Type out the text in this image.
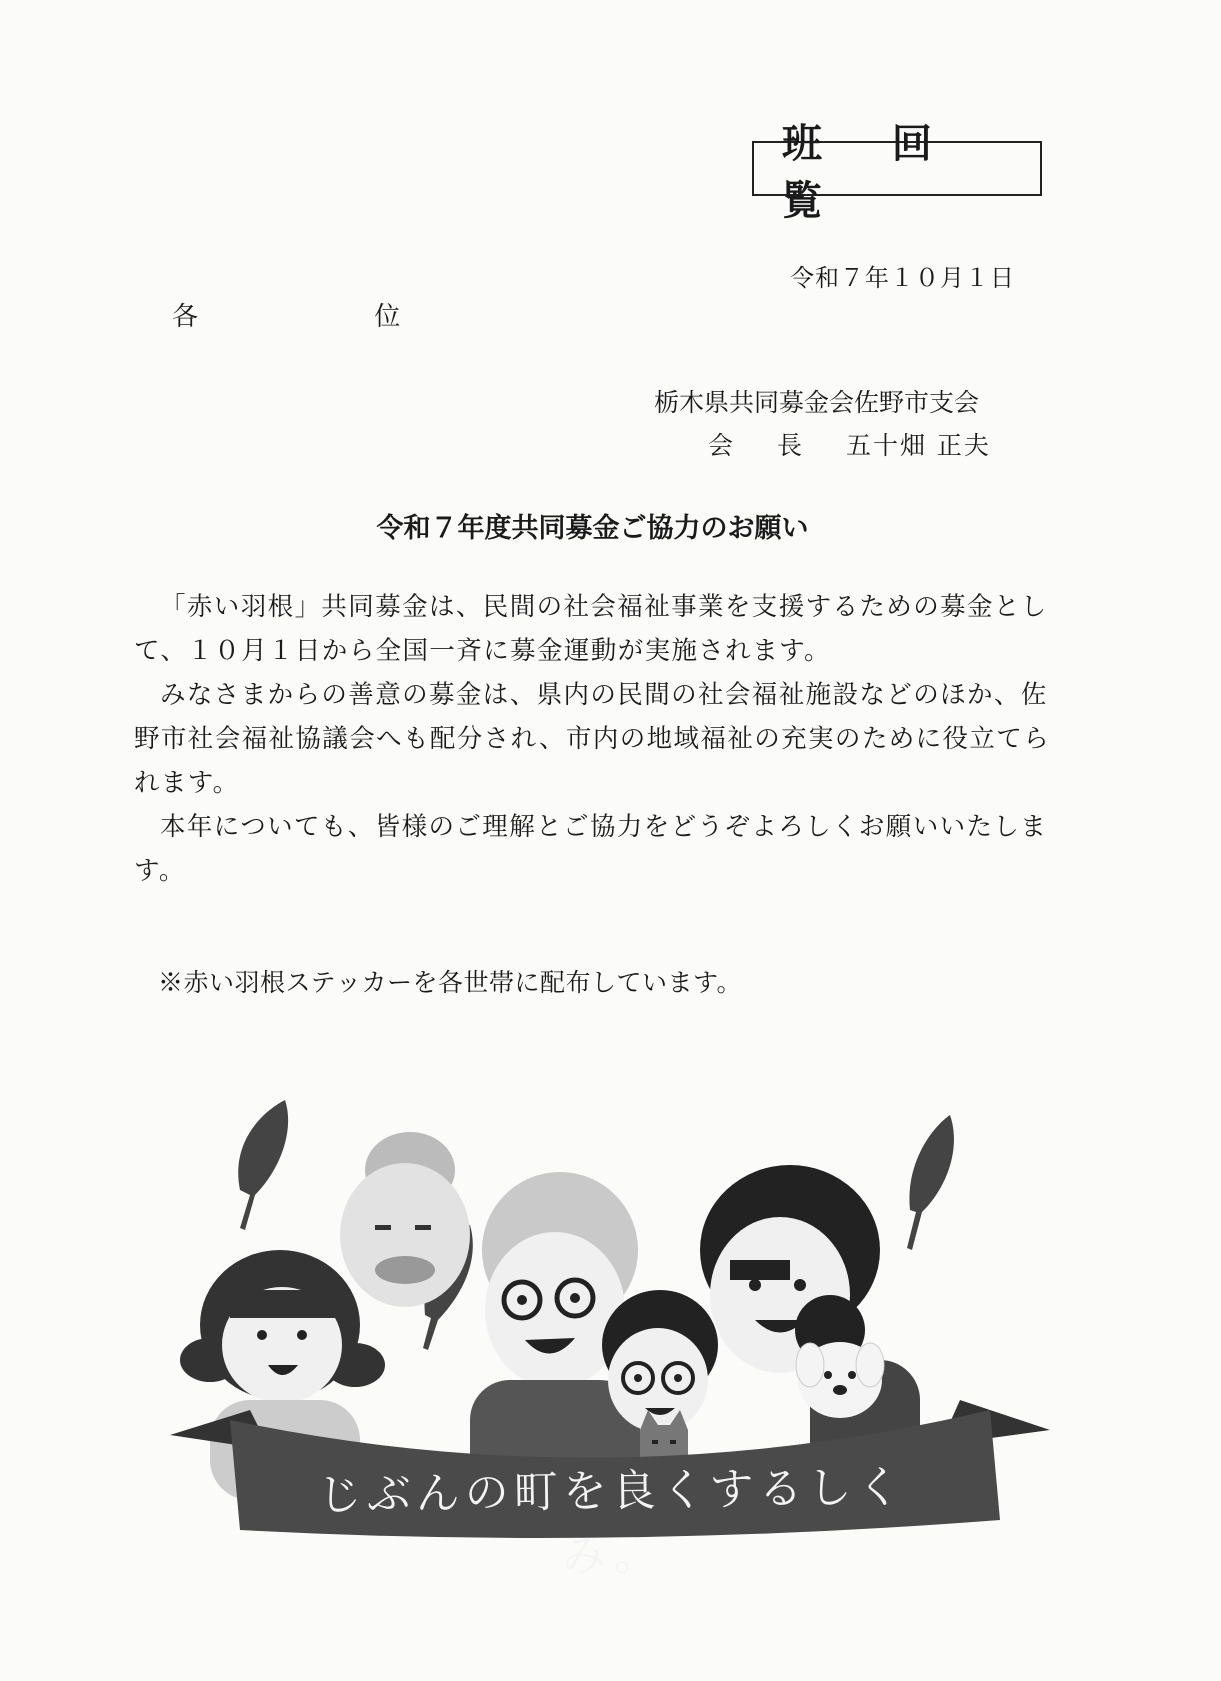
班 回 覧
令和７年１０月１日
各 位
栃木県共同募金会佐野市支会
会 長 五十畑 正夫
令和７年度共同募金ご協力のお願い

「赤い羽根」共同募金は、民間の社会福祉事業を支援するための募金として、１０月１日から全国一斉に募金運動が実施されます。

みなさまからの善意の募金は、県内の民間の社会福祉施設などのほか、佐野市社会福祉協議会へも配分され、市内の地域福祉の充実のために役立てられます。

本年についても、皆様のご理解とご協力をどうぞよろしくお願いいたします。

※赤い羽根ステッカーを各世帯に配布しています。
じぶんの町を良くするしくみ。
